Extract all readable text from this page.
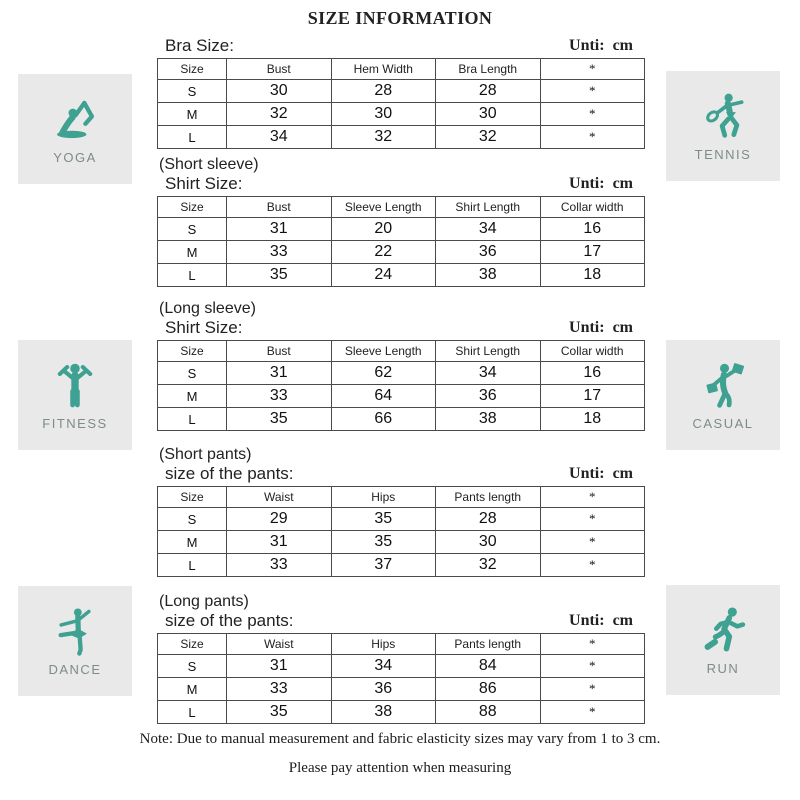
SIZE INFORMATION
Bra Size:	Unti:  cm
Size	Bust	Hem Width	Bra Length	*
S	30	28	28	*
M	32	30	30	*
L	34	32	32	*
(Short sleeve)
Shirt Size:	Unti:  cm
Size	Bust	Sleeve Length	Shirt Length	Collar width
S	31	20	34	16
M	33	22	36	17
L	35	24	38	18
(Long sleeve)
Shirt Size:	Unti:  cm
Size	Bust	Sleeve Length	Shirt Length	Collar width
S	31	62	34	16
M	33	64	36	17
L	35	66	38	18
(Short pants)
size of the pants:	Unti:  cm
Size	Waist	Hips	Pants length	*
S	29	35	28	*
M	31	35	30	*
L	33	37	32	*
(Long pants)
size of the pants:	Unti:  cm
Size	Waist	Hips	Pants length	*
S	31	34	84	*
M	33	36	86	*
L	35	38	88	*

Note: Due to manual measurement and fabric elasticity sizes may vary from 1 to 3 cm.

Please pay attention when measuring

YOGA	TENNIS
FITNESS	CASUAL
DANCE	RUN
